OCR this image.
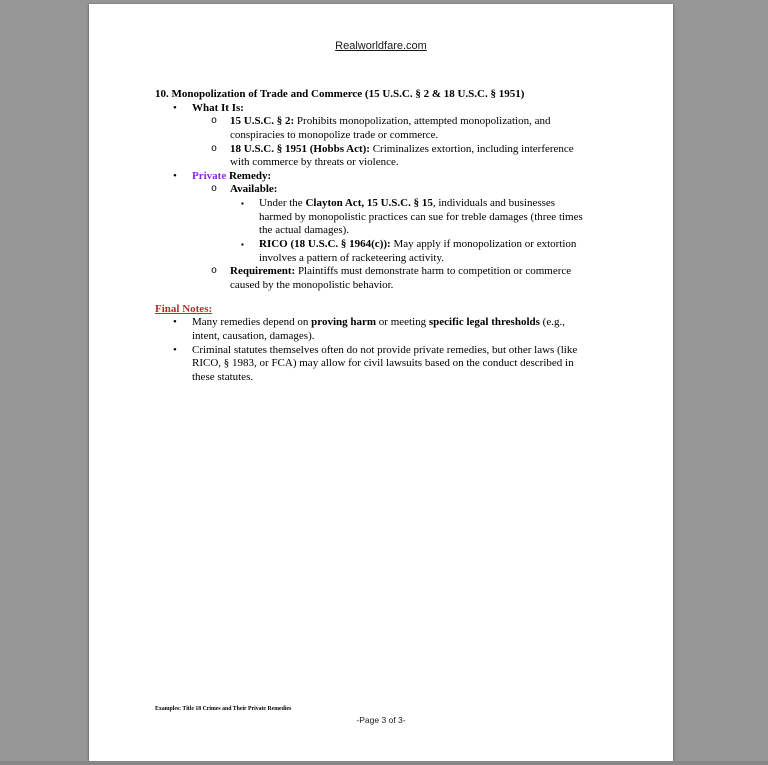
Realworldfare.com
10. Monopolization of Trade and Commerce (15 U.S.C. § 2 & 18 U.S.C. § 1951)
•	What It Is:
o	15 U.S.C. § 2: Prohibits monopolization, attempted monopolization, and
conspiracies to monopolize trade or commerce.
o	18 U.S.C. § 1951 (Hobbs Act): Criminalizes extortion, including interference
with commerce by threats or violence.
•	Private Remedy:
o	Available:
▪	Under the Clayton Act, 15 U.S.C. § 15, individuals and businesses
harmed by monopolistic practices can sue for treble damages (three times
the actual damages).
▪	RICO (18 U.S.C. § 1964(c)): May apply if monopolization or extortion
involves a pattern of racketeering activity.
o	Requirement: Plaintiffs must demonstrate harm to competition or commerce
caused by the monopolistic behavior.
Final Notes:
•	Many remedies depend on proving harm or meeting specific legal thresholds (e.g.,
intent, causation, damages).
•	Criminal statutes themselves often do not provide private remedies, but other laws (like
RICO, § 1983, or FCA) may allow for civil lawsuits based on the conduct described in
these statutes.
Examples: Title 18 Crimes and Their Private Remedies
-Page 3 of 3-
